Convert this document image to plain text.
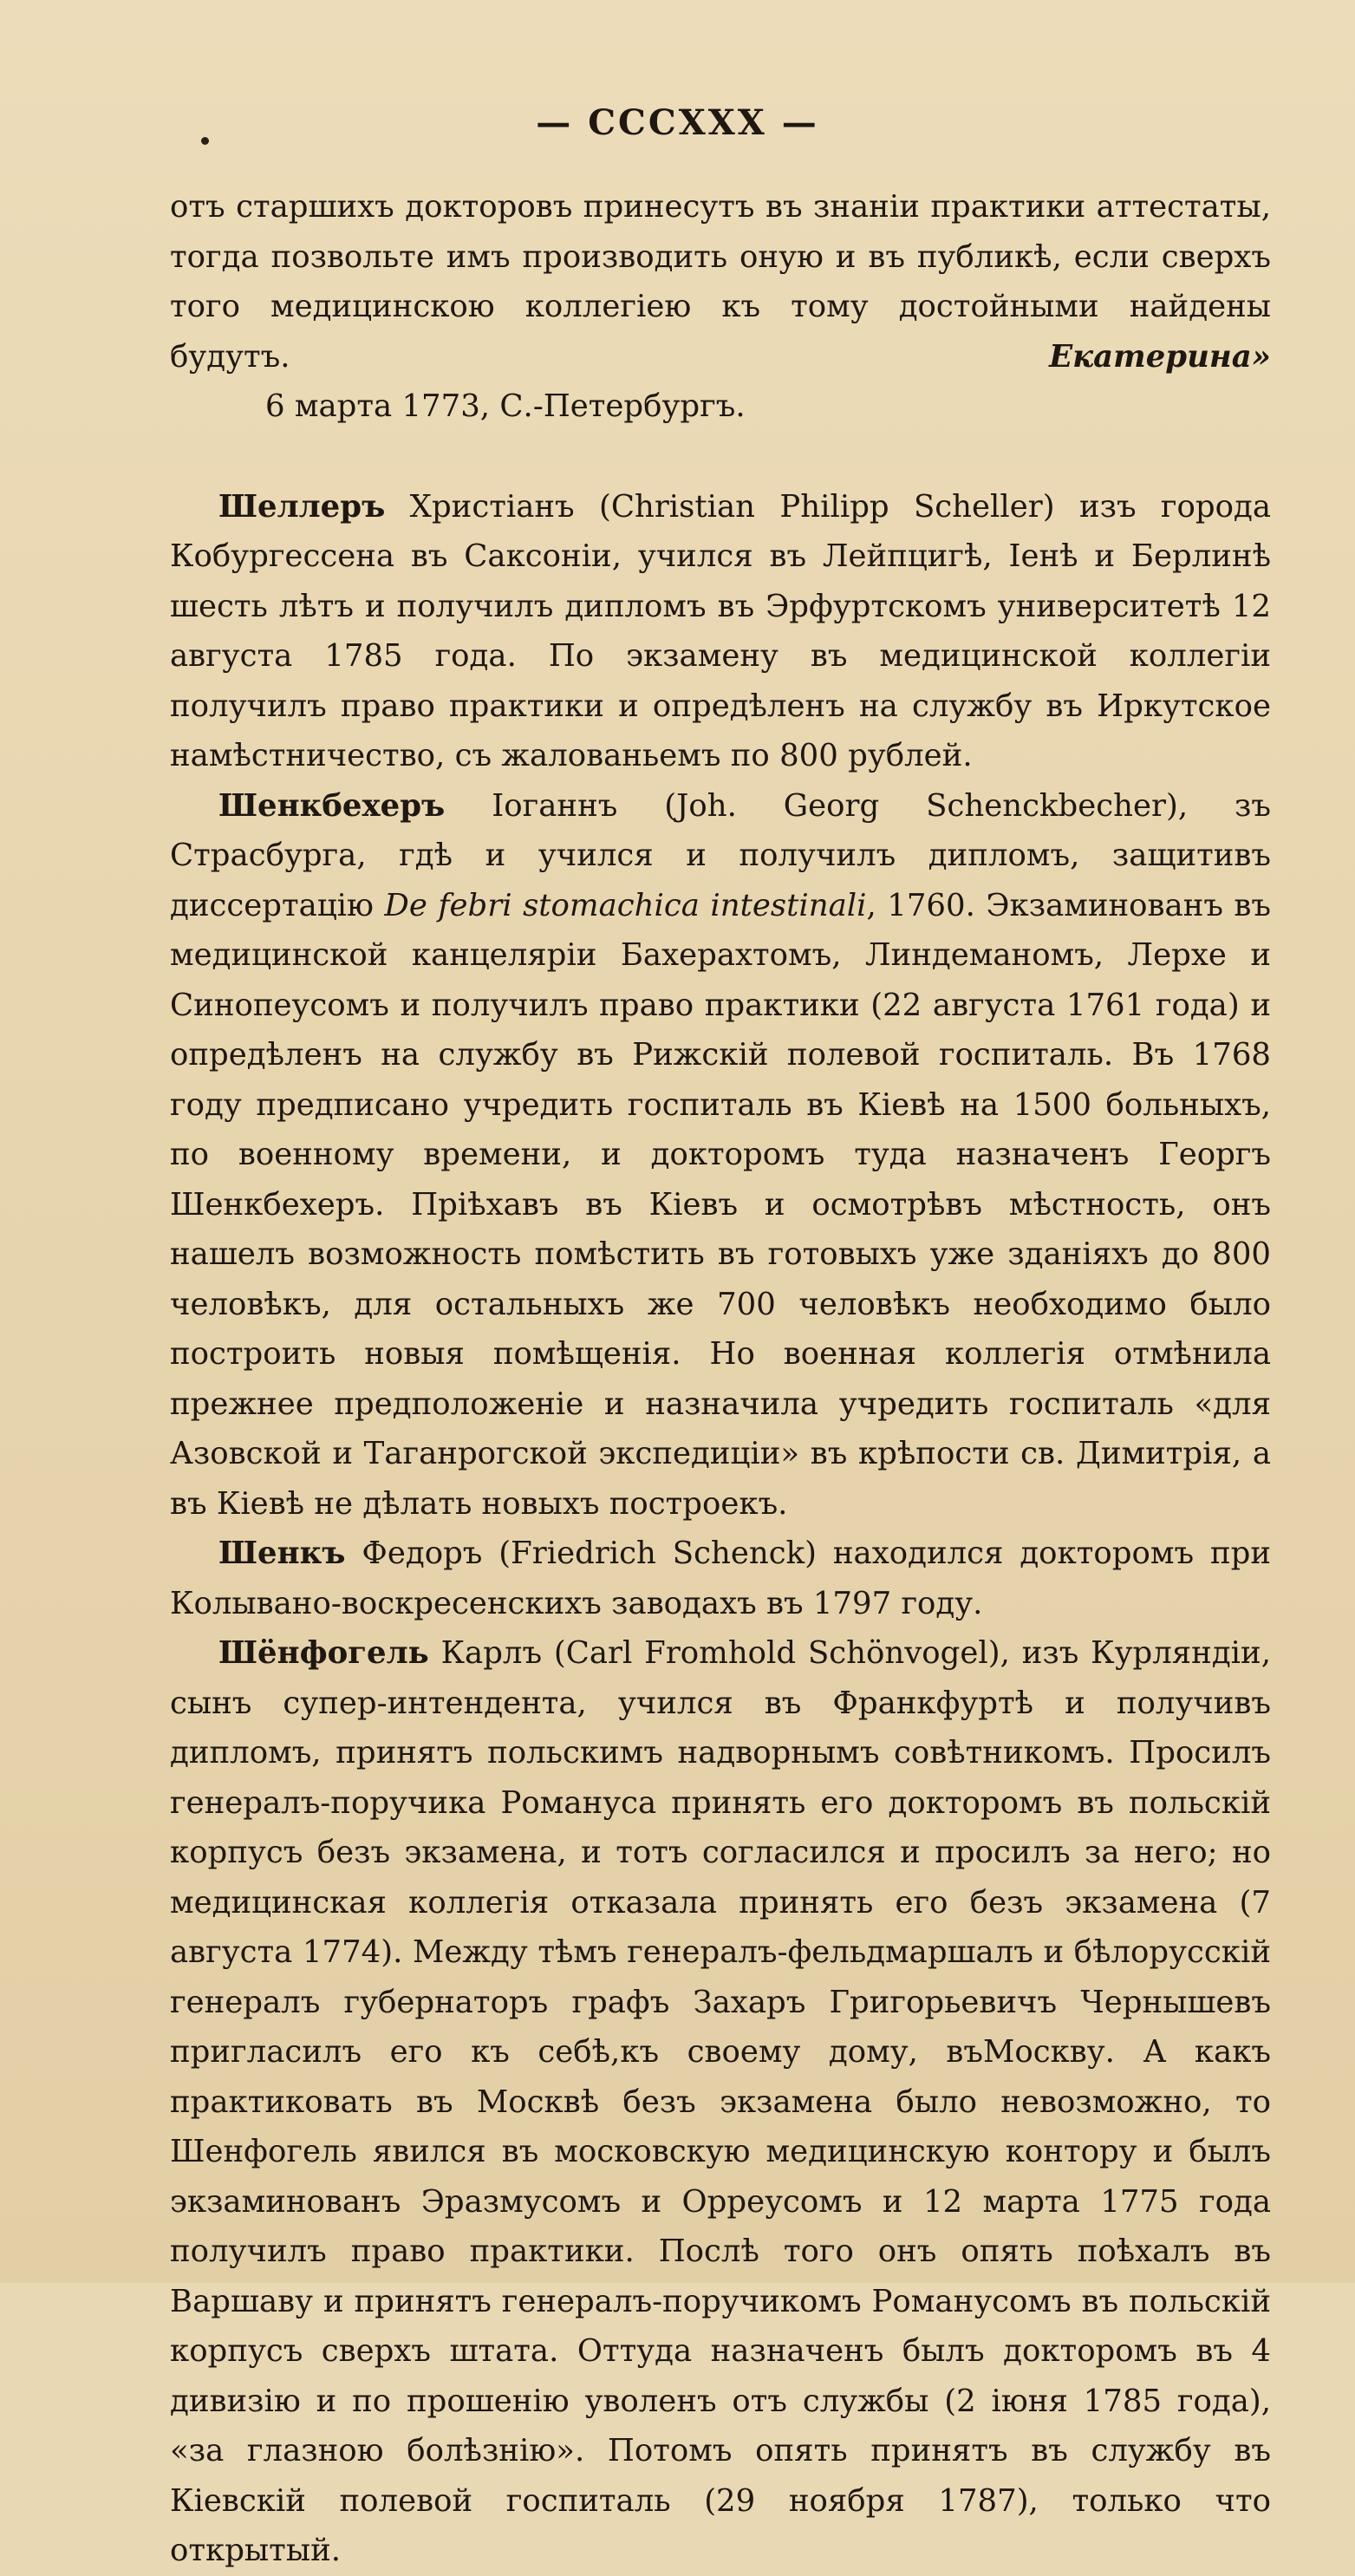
— CCCXXX —

отъ старшихъ докторовъ принесутъ въ знаніи практики аттестаты, тогда позвольте имъ производить оную и въ публикѣ, если сверхъ того медицинскою коллегіею къ тому достойными найдены будутъ.	Екатерина»

6 марта 1773, С.-Петербургъ.

Шеллеръ Христіанъ (Christian Philipp Scheller) изъ города Кобургессена въ Саксоніи, учился въ Лейпцигѣ, Іенѣ и Берлинѣ шесть лѣтъ и получилъ дипломъ въ Эрфуртскомъ университетѣ 12 августа 1785 года. По экзамену въ медицинской коллегіи получилъ право практики и опредѣленъ на службу въ Иркутское намѣстничество, съ жалованьемъ по 800 рублей.

Шенкбехеръ Іоганнъ (Joh. Georg Schenckbecher), зъ Страсбурга, гдѣ и учился и получилъ дипломъ, защитивъ диссертацію De febri stomachica intestinali, 1760. Экзаминованъ въ медицинской канцеляріи Бахерахтомъ, Линдеманомъ, Лерхе и Синопеусомъ и получилъ право практики (22 августа 1761 года) и опредѣленъ на службу въ Рижскій полевой госпиталь. Въ 1768 году предписано учредить госпиталь въ Кіевѣ на 1500 больныхъ, по военному времени, и докторомъ туда назначенъ Георгъ Шенкбехеръ. Пріѣхавъ въ Кіевъ и осмотрѣвъ мѣстность, онъ нашелъ возможность помѣстить въ готовыхъ уже зданіяхъ до 800 человѣкъ, для остальныхъ же 700 человѣкъ необходимо было построить новыя помѣщенія. Но военная коллегія отмѣнила прежнее предположеніе и назначила учредить госпиталь «для Азовской и Таганрогской экспедиціи» въ крѣпости св. Димитрія, а въ Кіевѣ не дѣлать новыхъ построекъ.

Шенкъ Федоръ (Friedrich Schenck) находился докторомъ при Колывано-воскресенскихъ заводахъ въ 1797 году.

Шёнфогель Карлъ (Carl Fromhold Schönvogel), изъ Курляндіи, сынъ супер-интендента, учился въ Франкфуртѣ и получивъ дипломъ, принятъ польскимъ надворнымъ совѣтникомъ. Просилъ генералъ-поручика Романуса принять его докторомъ въ польскій корпусъ безъ экзамена, и тотъ согласился и просилъ за него; но медицинская коллегія отказала принять его безъ экзамена (7 августа 1774). Между тѣмъ генералъ-фельдмаршалъ и бѣлорусскій генералъ губернаторъ графъ Захаръ Григорьевичъ Чернышевъ пригласилъ его къ себѣ,къ своему дому, въМоскву. А какъ практиковать въ Москвѣ безъ экзамена было невозможно, то Шенфогель явился въ московскую медицинскую контору и былъ экзаминованъ Эразмусомъ и Орреусомъ и 12 марта 1775 года получилъ право практики. Послѣ того онъ опять поѣхалъ въ Варшаву и принятъ генералъ-поручикомъ Романусомъ въ польскій корпусъ сверхъ штата. Оттуда назначенъ былъ докторомъ въ 4 дивизію и по прошенію уволенъ отъ службы (2 іюня 1785 года), «за глазною болѣзнію». Потомъ опять принятъ въ службу въ Кіевскій полевой госпиталь (29 ноября 1787), только что открытый.
